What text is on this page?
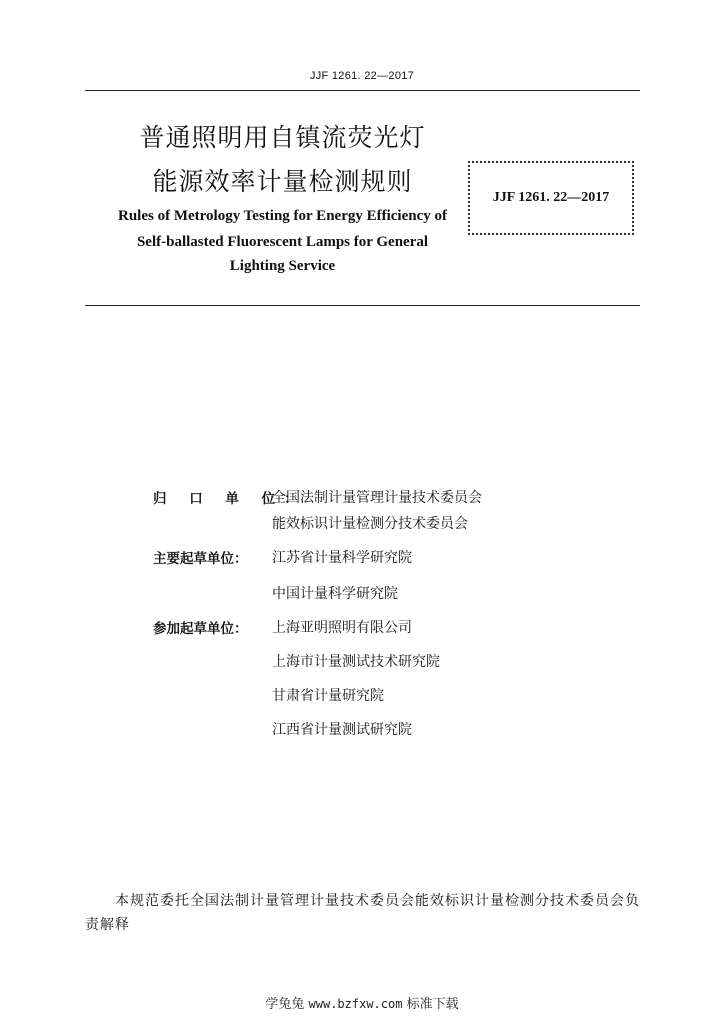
JJF 1261. 22—2017
普通照明用自镇流荧光灯
能源效率计量检测规则
Rules of Metrology Testing for Energy Efficiency of
Self-ballasted Fluorescent Lamps for General
Lighting Service
JJF 1261. 22—2017
归 口 单 位：
全国法制计量管理计量技术委员会
能效标识计量检测分技术委员会
主要起草单位：	江苏省计量科学研究院
中国计量科学研究院
参加起草单位：	上海亚明照明有限公司
上海市计量测试技术研究院
甘肃省计量研究院
江西省计量测试研究院
本规范委托全国法制计量管理计量技术委员会能效标识计量检测分技术委员会负责解释
学兔兔 www.bzfxw.com 标准下载
